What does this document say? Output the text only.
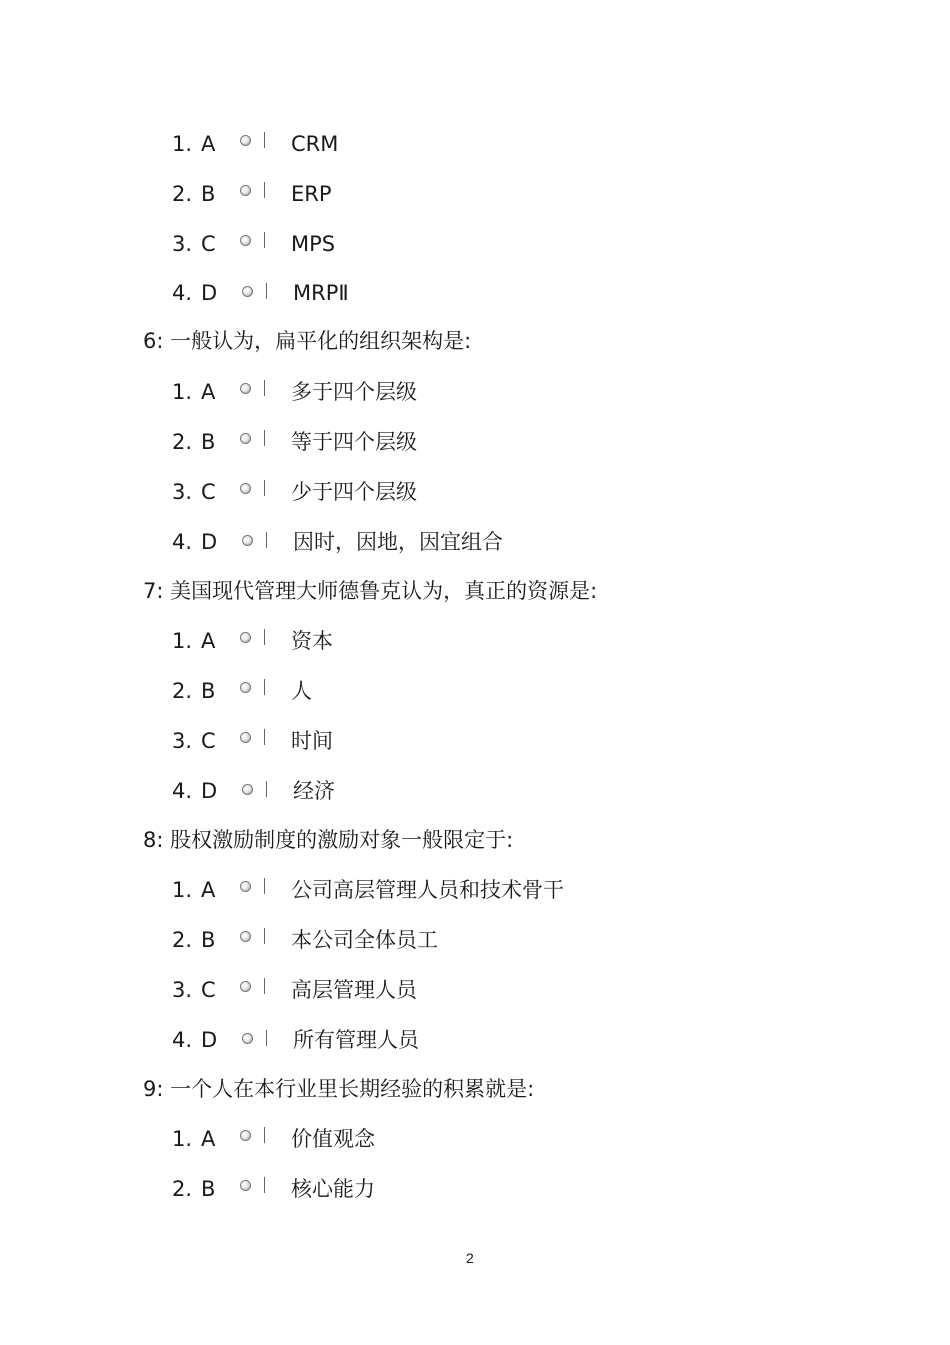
1. A	CRM
2. B	ERP
3. C	MPS
4. D	MRPⅡ
6: 一般认为，扁平化的组织架构是:
1. A	多于四个层级
2. B	等于四个层级
3. C	少于四个层级
4. D	因时，因地，因宜组合
7: 美国现代管理大师德鲁克认为，真正的资源是:
1. A	资本
2. B	人
3. C	时间
4. D	经济
8: 股权激励制度的激励对象一般限定于:
1. A	公司高层管理人员和技术骨干
2. B	本公司全体员工
3. C	高层管理人员
4. D	所有管理人员
9: 一个人在本行业里长期经验的积累就是:
1. A	价值观念
2. B	核心能力
2
